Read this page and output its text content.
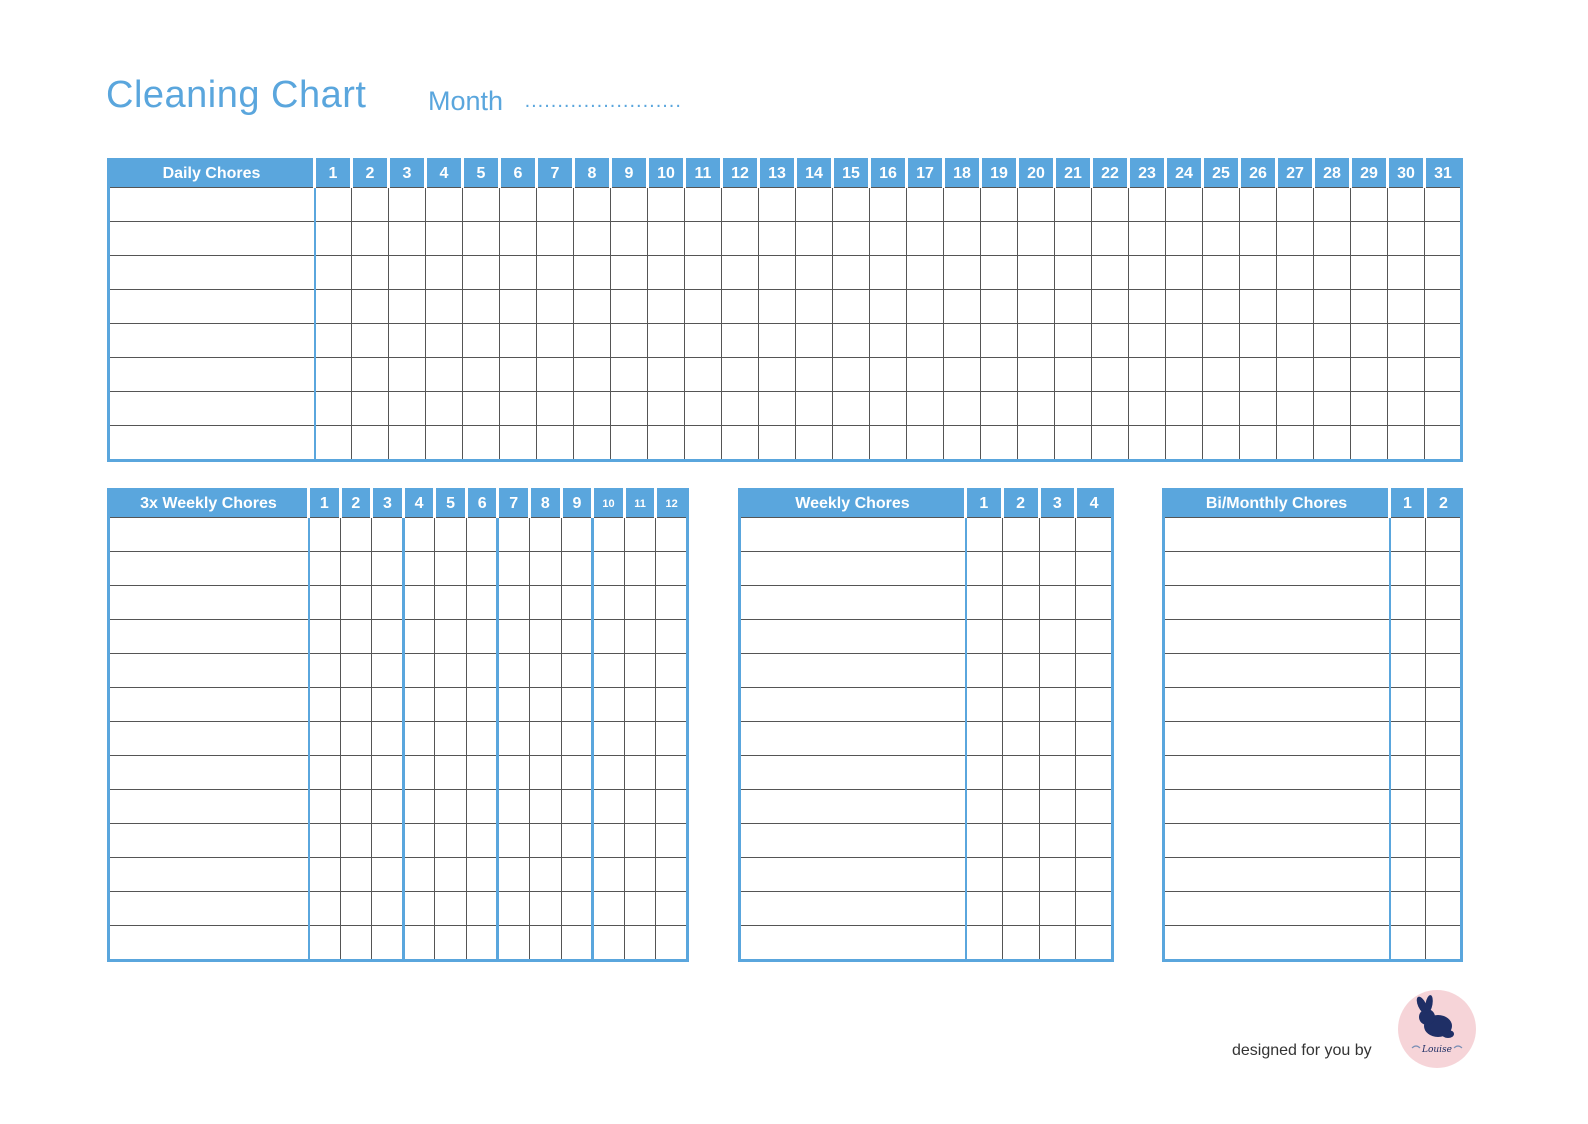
Cleaning Chart Month ........................
Daily Chores	1	2	3	4	5	6	7	8	9	10	11	12	13	14	15	16	17	18	19	20	21	22	23	24	25	26	27	28	29	30	31

3x Weekly Chores	1	2	3	4	5	6	7	8	9	10	11	12

													Weekly Chores	1	2	3	4

					Bi/Monthly Chores	1	2

designed for you by	Louise
